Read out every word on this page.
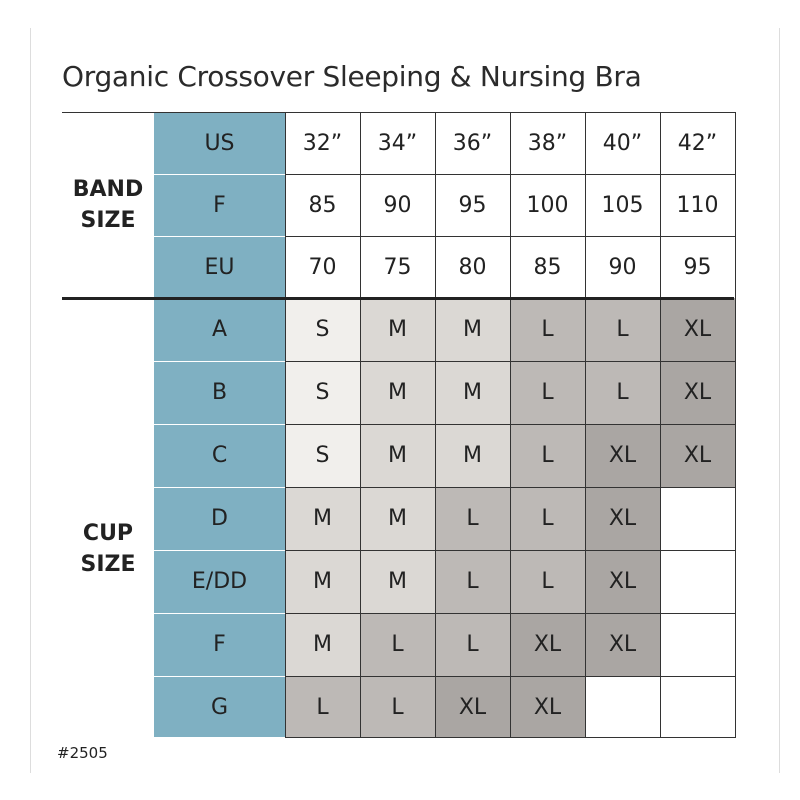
Organic Crossover Sleeping & Nursing Bra
BAND
SIZE
CUP
SIZE
US	32”	34”	36”	38”	40”	42”
F	85	90	95	100	105	110
EU	70	75	80	85	90	95
A	S	M	M	L	L	XL
B	S	M	M	L	L	XL
C	S	M	M	L	XL	XL
D	M	M	L	L	XL
E/DD	M	M	L	L	XL
F	M	L	L	XL	XL
G	L	L	XL	XL
#2505
